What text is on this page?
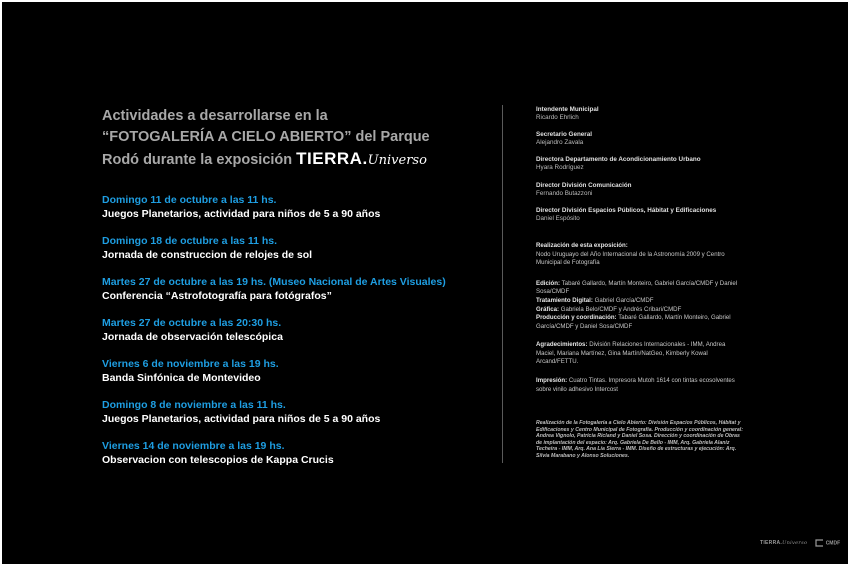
Actividades a desarrollarse en la
“FOTOGALERÍA A CIELO ABIERTO” del Parque
Rodó durante la exposición TIERRA.Universo
Domingo 11 de octubre a las 11 hs.
Juegos Planetarios, actividad para niños de 5 a 90 años
Domingo 18 de octubre a las 11 hs.
Jornada de construccion de relojes de sol
Martes 27 de octubre a las 19 hs. (Museo Nacional de Artes Visuales)
Conferencia “Astrofotografía para fotógrafos”
Martes 27 de octubre a las 20:30 hs.
Jornada de observación telescópica
Viernes 6 de noviembre a las 19 hs.
Banda Sinfónica de Montevideo
Domingo 8 de noviembre a las 11 hs.
Juegos Planetarios, actividad para niños de 5 a 90 años
Viernes 14 de noviembre a las 19 hs.
Observacion con telescopios de Kappa Crucis
Intendente Municipal
Ricardo Ehrlich
Secretario General
Alejandro Zavala
Directora Departamento de Acondicionamiento Urbano
Hyara Rodríguez
Director División Comunicación
Fernando Butazzoni
Director División Espacios Públicos, Hábitat y Edificaciones
Daniel Espósito
Realización de esta exposición:
Nodo Uruguayo del Año Internacional de la Astronomía 2009 y Centro Municipal de Fotografía
Edición: Tabaré Gallardo, Martín Monteiro, Gabriel García/CMDF y Daniel Sosa/CMDF
Tratamiento Digital: Gabriel García/CMDF
Gráfica: Gabriela Belo/CMDF y Andrés Cribari/CMDF
Producción y coordinación: Tabaré Gallardo, Martín Monteiro, Gabriel García/CMDF y Daniel Sosa/CMDF
Agradecimientos: División Relaciones Internacionales - IMM, Andrea Maciel, Mariana Martínez, Gina Martín/NatGeo, Kimberly Kowal Arcand/FETTU.
Impresión: Cuatro Tintas. Impresora Mutoh 1614 con tintas ecosolventes sobre vinilo adhesivo Intercost
Realización de la Fotogalería a Cielo Abierto: División Espacios Públicos, Hábitat y Edificaciones y Centro Municipal de Fotografía. Producción y coordinación general: Andrea Vignolo, Patricia Ricland y Daniel Sosa. Dirección y coordinación de Obras de implantación del espacio: Arq. Gabriela De Bello - IMM, Arq. Gabriela Alaniz Techeira - IMM, Arq. Ana Lía Sierra - IMM. Diseño de estructuras y ejecución: Arq. Silvia Marabano y Alonso Soluciones.
TIERRA.Universo	CMDF
